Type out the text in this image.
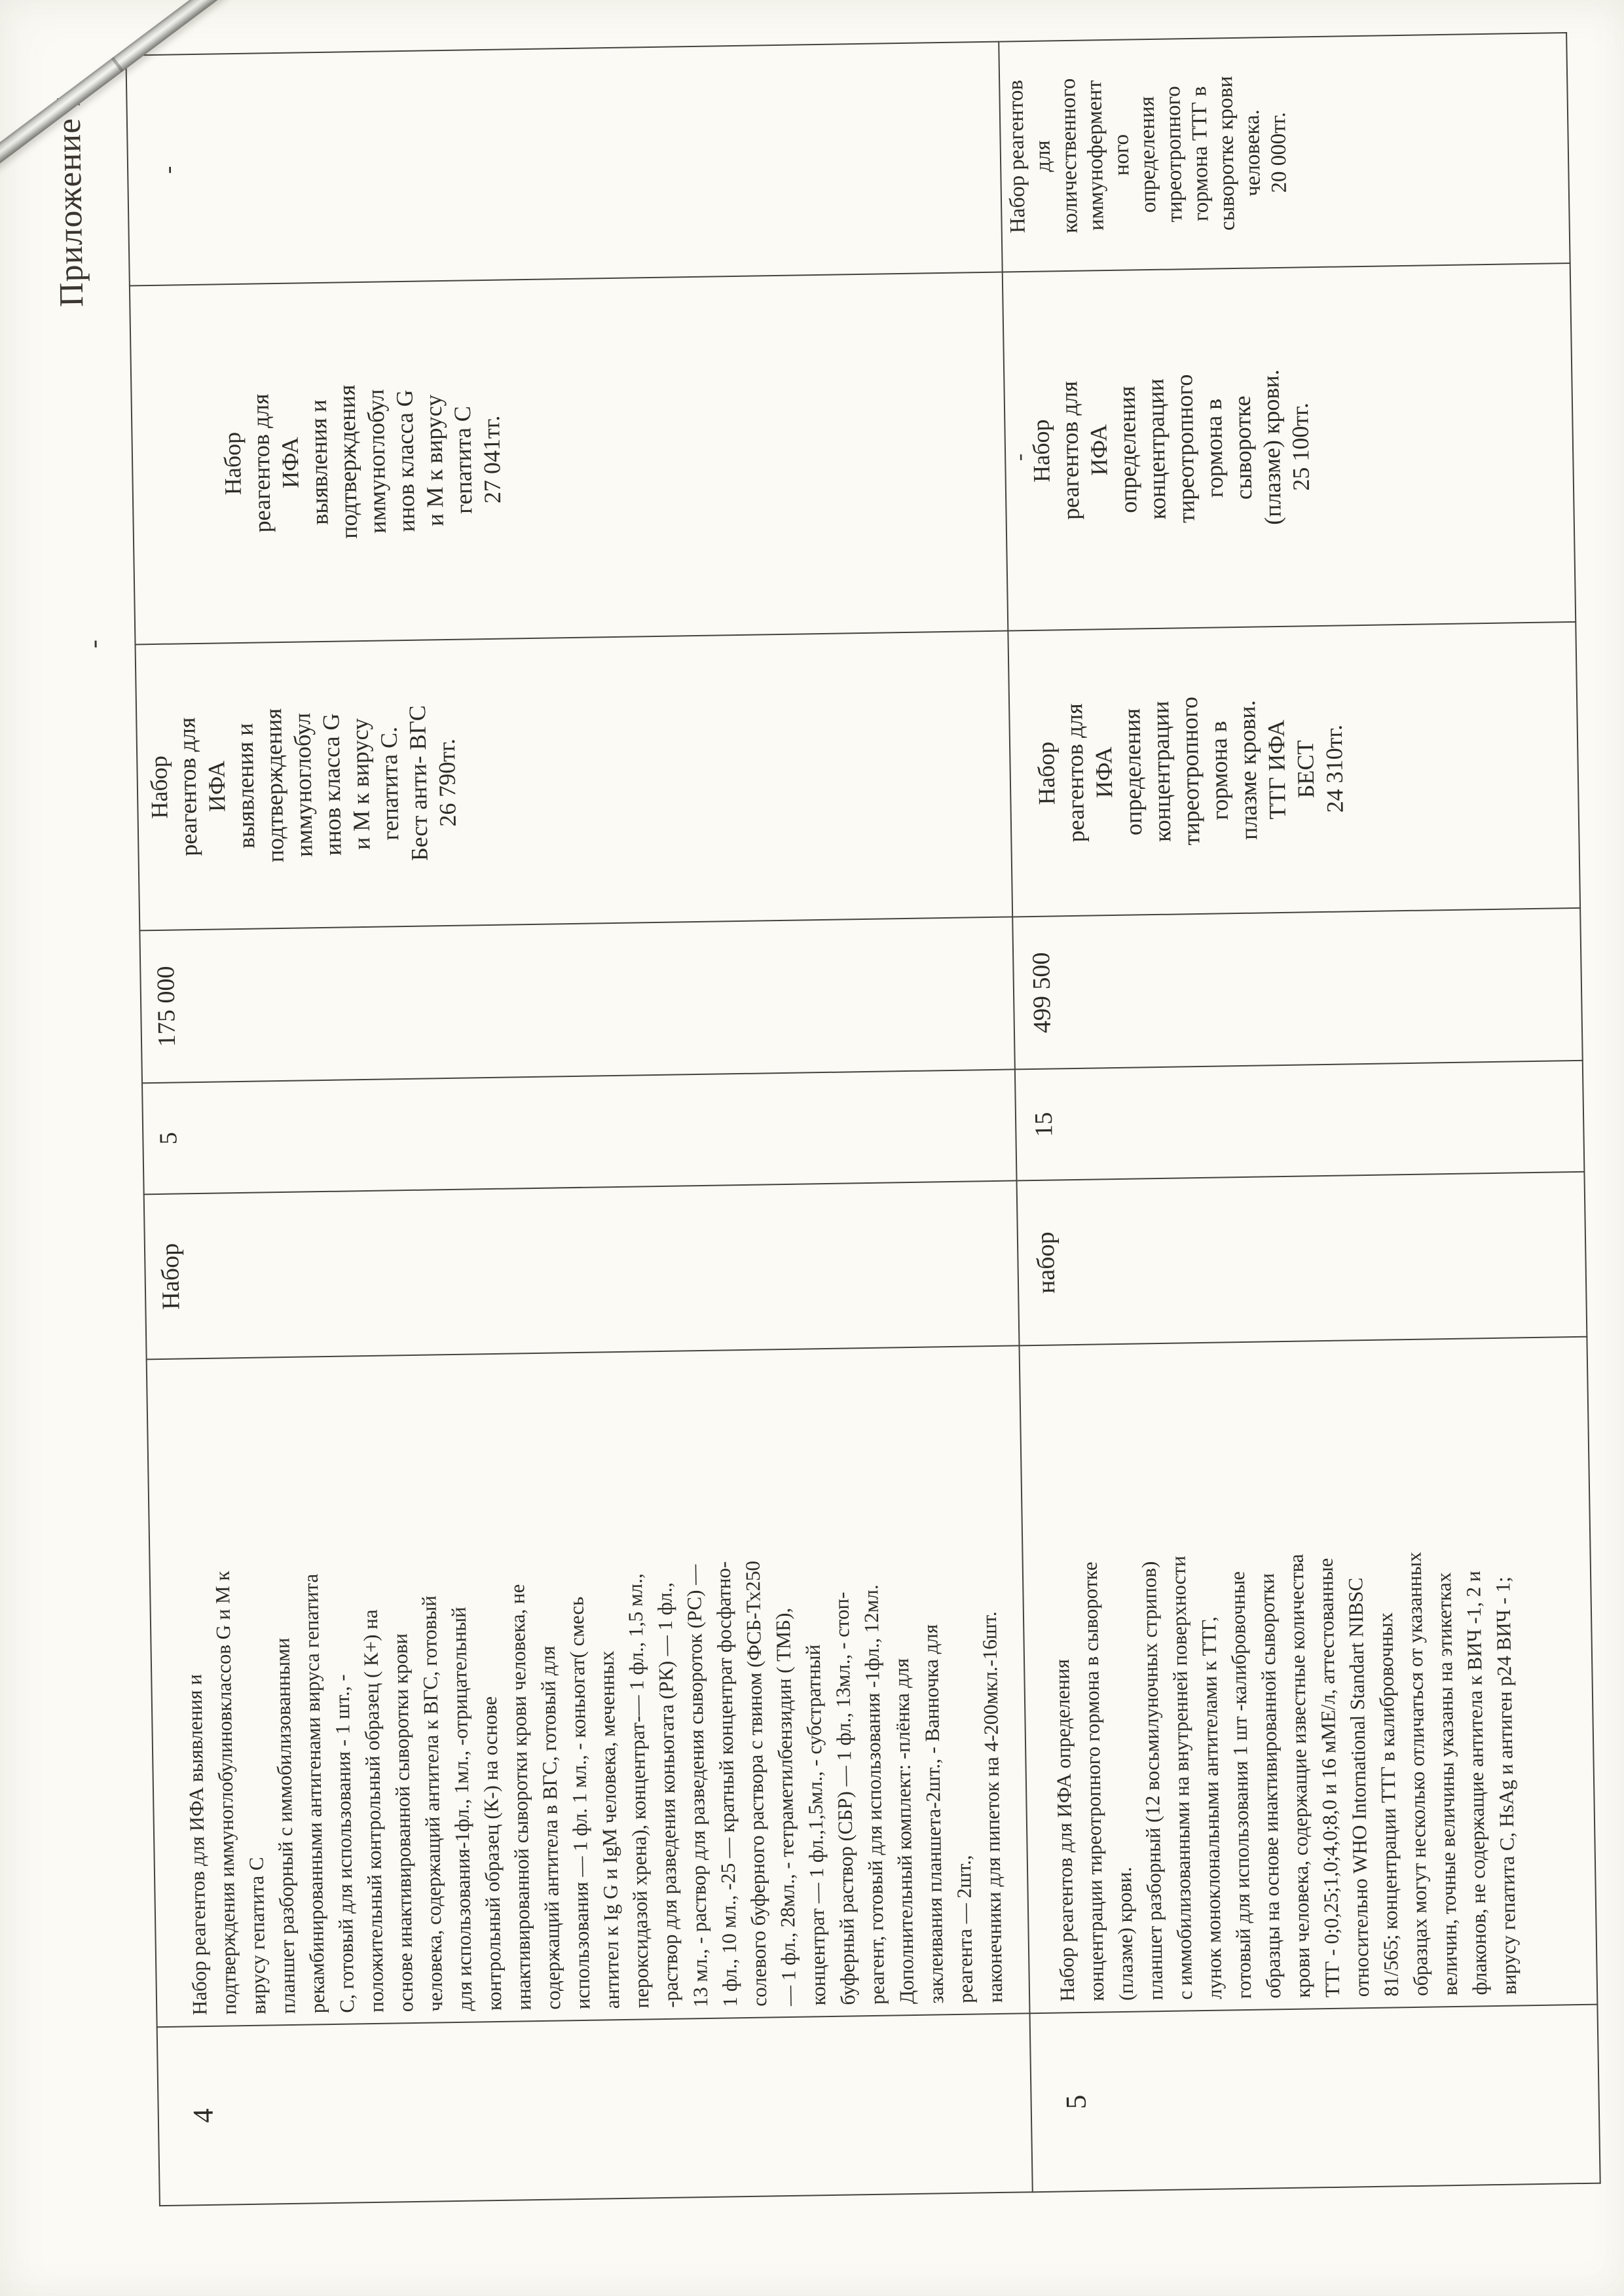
Приложение 1
-
4	Набор реагентов для ИФА выявления и
подтверждения иммуноглобулиновклассов G и М к
вирусу гепатита С
планшет разборный с иммобилизованными
рекамбинированными антигенами вируса гепатита
С, готовый для использования - 1 шт., -
положительный контрольный образец ( К+) на
основе инактивированной сыворотки крови
человека, содержащий антитела к ВГС, готовый
для использования-1фл., 1мл., -отрицательный
контрольный образец (К-) на основе
инактивированной сыворотки крови человека, не
содержащий антитела в ВГС, готовый для
использования — 1 фл. 1 мл., - коньюгат( смесь
антител к Ig G и IgM человека, меченных
пероксидазой хрена), концентрат-— 1 фл., 1,5 мл.,
-раствор для разведения коньюгата (РК) — 1 фл.,
13 мл., - раствор для разведения сывороток (РС) —
1 фл., 10 мл., -25 — кратный концентрат фосфатно-
солевого буферного раствора с твином (ФСБ-Тх250
— 1 фл., 28мл., - тетраметилбензидин ( ТМБ),
концентрат — 1 фл.,1,5мл., - субстратный
буферный раствор (СБР) — 1 фл., 13мл., - стоп-
реагент, готовый для использования -1фл., 12мл.
Дополнительный комплект: -плёнка для
заклеивания планшета-2шт., - Ванночка для
реагента — 2шт.,
наконечники для пипеток на 4-200мкл.-16шт.	Набор	5	175 000	Набор
реагентов для
ИФА
выявления и
подтверждения
иммуноглобул
инов класса G
и М к вирусу
гепатита С.
Бест анти- ВГС
26 790тг.	Набор
реагентов для
ИФА
выявления и
подтверждения
иммуноглобул
инов класса G
и М к вирусу
гепатита С
27 041тг.	-
5	Набор реагентов для ИФА определения
концентрации тиреотропного гормона в сыворотке
(плазме) крови.
планшет разборный (12 восьмилуночных стрипов)
с иммобилизованными на внутренней поверхности
лунок моноклональными антителами к ТТГ,
готовый для использования 1 шт -калибровочные
образцы на основе инактивированной сыворотки
крови человека, содержащие известные количества
ТТГ - 0;0,25;1,0;4,0;8,0 и 16 мМЕ/л, аттестованные
относительно WHO Intornational Standart NIBSC
81/565; концентрации ТТГ в калибровочных
образцах могут несколько отличаться от указанных
величин, точные величины указаны на этикетках
флаконов, не содержащие антитела к ВИЧ -1, 2 и
вирусу гепатита С, HsAg и антиген р24 ВИЧ - 1;	набор	15	499 500	Набор
реагентов для
ИФА
определения
концентрации
тиреотропного
гормона в
плазме крови.
ТТГ ИФА
БЕСТ
24 310тг.	Набор
реагентов для
ИФА
определения
концентрации
тиреотропного
гормона в
сыворотке
(плазме) крови.
25 100тг.	Набор реагентов
для
количественного
иммунофермент
ного
определения
тиреотропного
гормона ТТГ в
сыворотке крови
человека.
20 000тг.
-
